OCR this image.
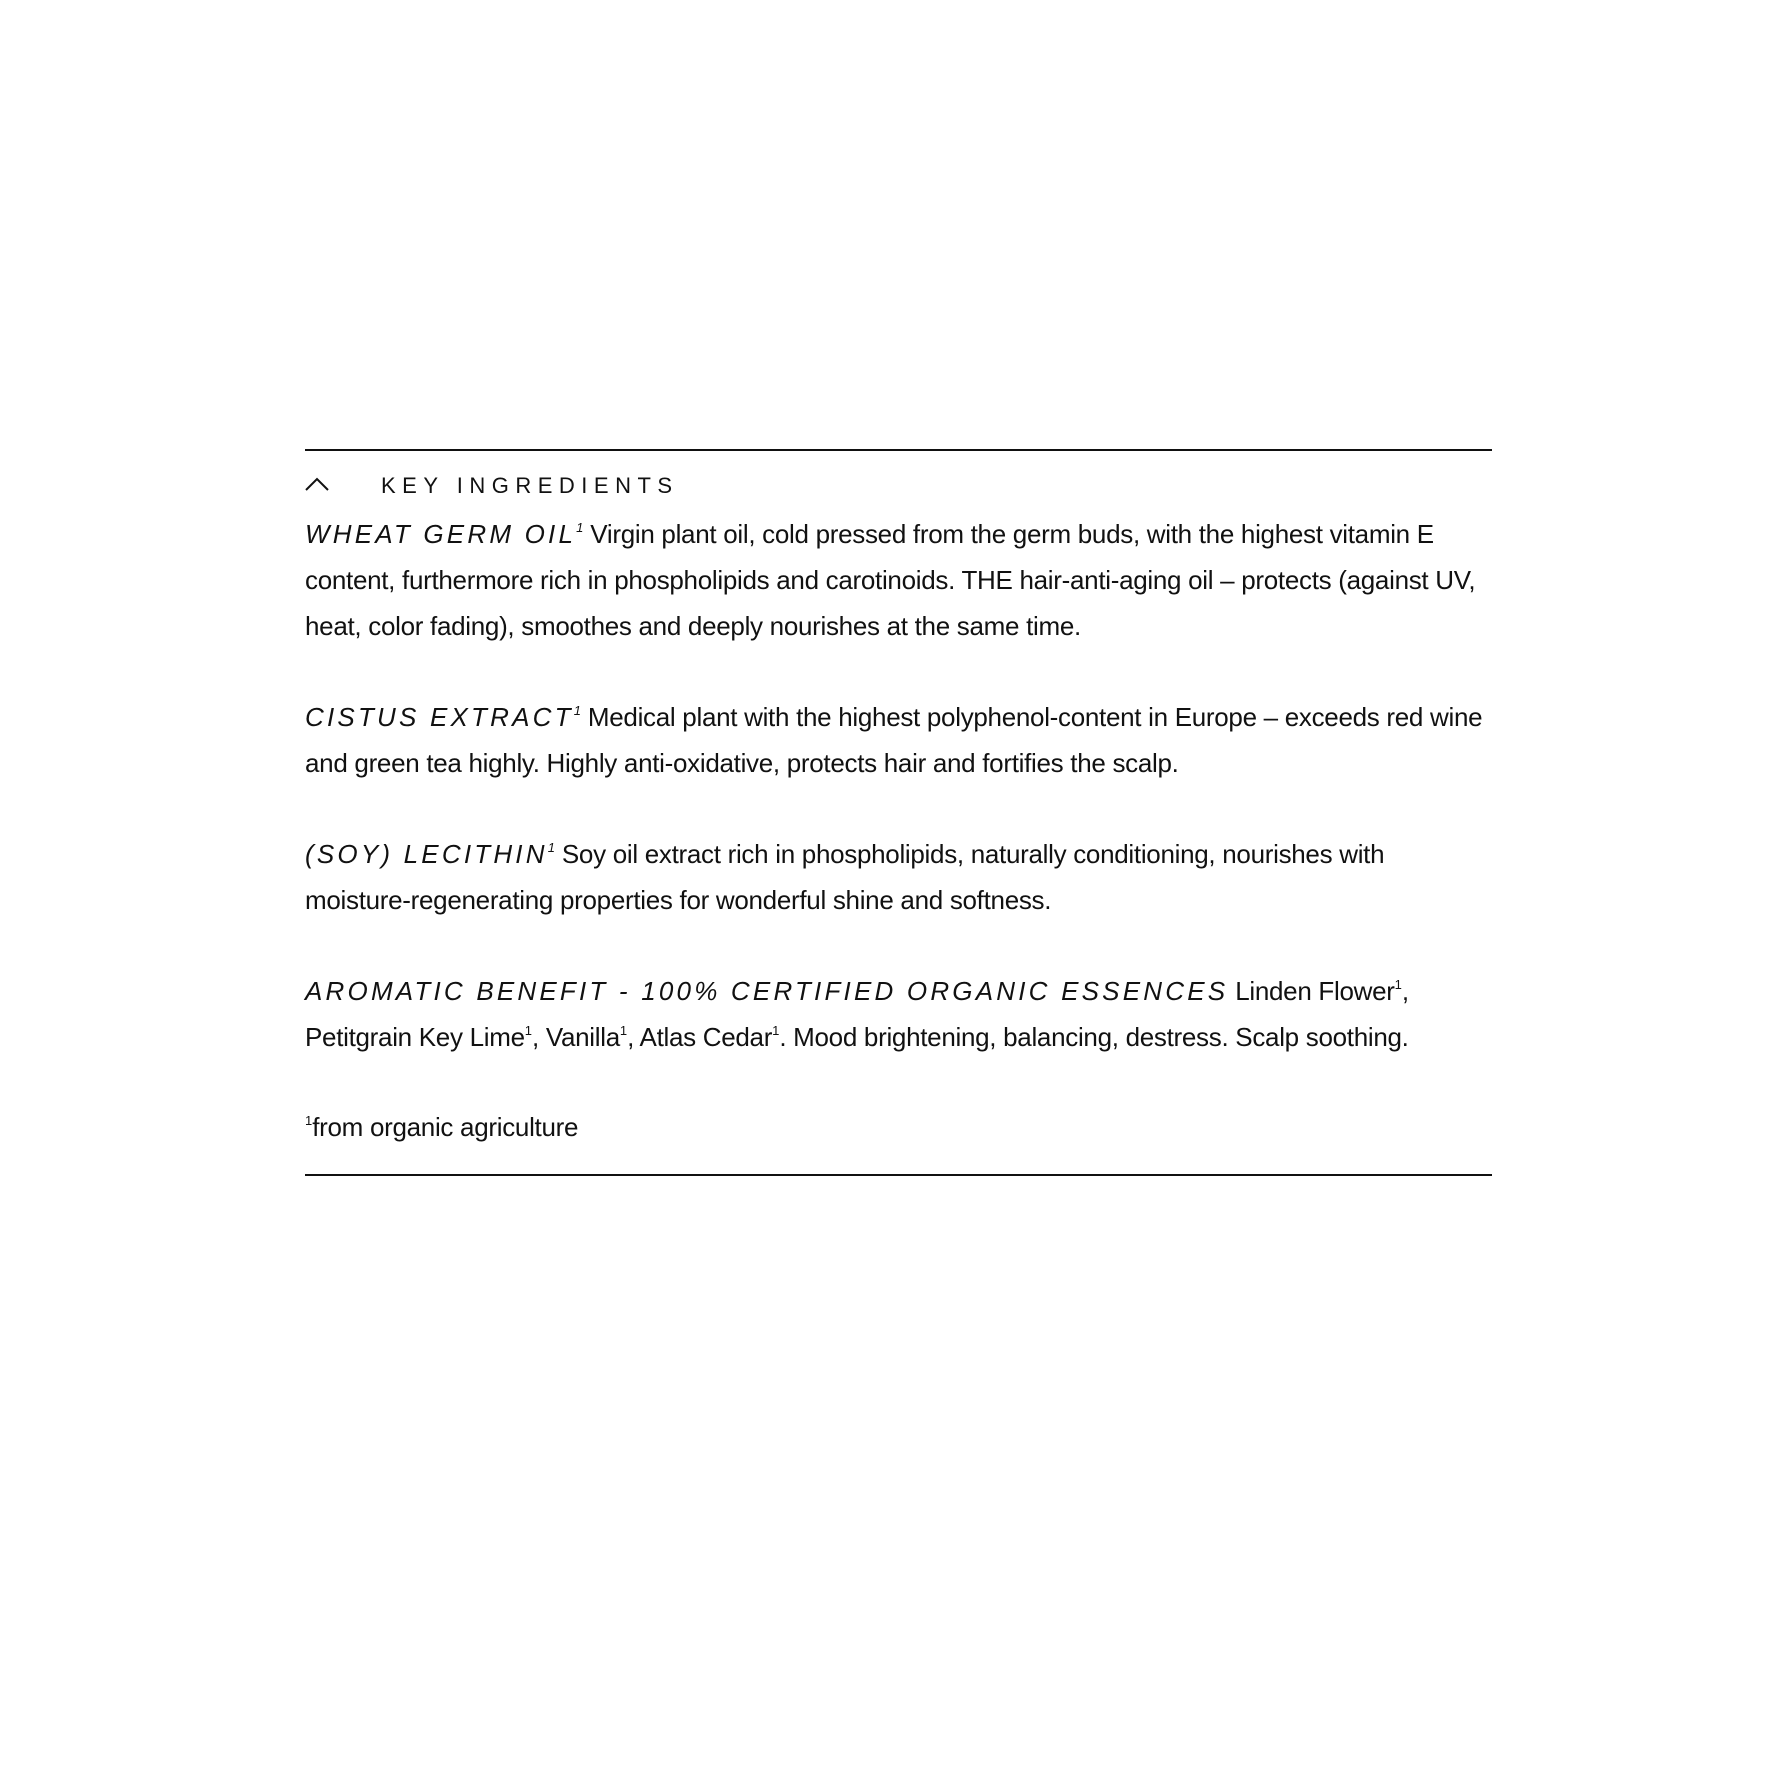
KEY INGREDIENTS

WHEAT GERM OIL$^1$ Virgin plant oil, cold pressed from the germ buds, with the highest vitamin E content, furthermore rich in phospholipids and carotinoids. THE hair-anti-aging oil – protects (against UV, heat, color fading), smoothes and deeply nourishes at the same time.

CISTUS EXTRACT$^1$ Medical plant with the highest polyphenol-content in Europe – exceeds red wine and green tea highly. Highly anti-oxidative, protects hair and fortifies the scalp.

(SOY) LECITHIN$^1$ Soy oil extract rich in phospholipids, naturally conditioning, nourishes with moisture-regenerating properties for wonderful shine and softness.

AROMATIC BENEFIT - 100% CERTIFIED ORGANIC ESSENCES Linden Flower$^1$, Petitgrain Key Lime$^1$, Vanilla$^1$, Atlas Cedar$^1$. Mood brightening, balancing, destress. Scalp soothing.

$^1$from organic agriculture
